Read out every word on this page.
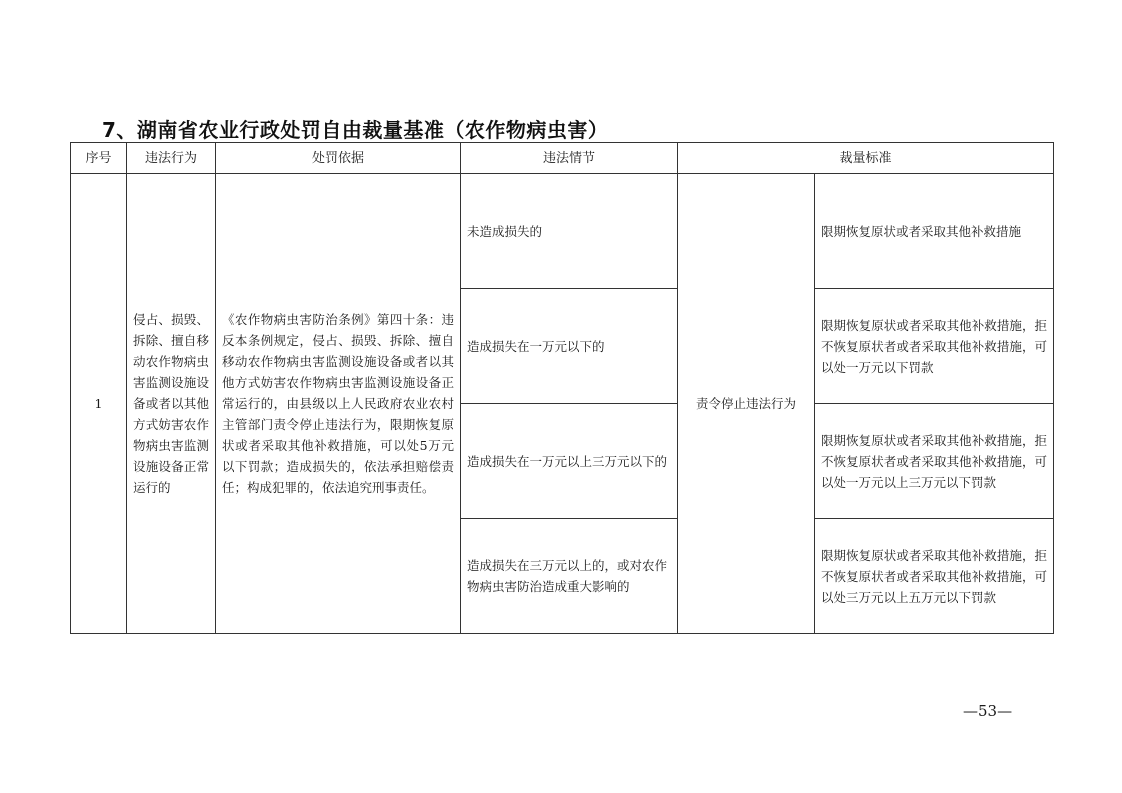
7、湖南省农业行政处罚自由裁量基准（农作物病虫害）
序号	违法行为	处罚依据	违法情节	裁量标准	
1	侵占、损毁、拆除、擅自移动农作物病虫害监测设施设备或者以其他方式妨害农作物病虫害监测设施设备正常运行的	《农作物病虫害防治条例》第四十条：违反本条例规定，侵占、损毁、拆除、擅自移动农作物病虫害监测设施设备或者以其他方式妨害农作物病虫害监测设施设备正常运行的，由县级以上人民政府农业农村主管部门责令停止违法行为，限期恢复原状或者采取其他补救措施，可以处5万元以下罚款；造成损失的，依法承担赔偿责任；构成犯罪的，依法追究刑事责任。	未造成损失的	责令停止违法行为	限期恢复原状或者采取其他补救措施
			造成损失在一万元以下的		限期恢复原状或者采取其他补救措施，拒不恢复原状者或者采取其他补救措施，可以处一万元以下罚款
			造成损失在一万元以上三万元以下的		限期恢复原状或者采取其他补救措施，拒不恢复原状者或者采取其他补救措施，可以处一万元以上三万元以下罚款
			造成损失在三万元以上的，或对农作物病虫害防治造成重大影响的		限期恢复原状或者采取其他补救措施，拒不恢复原状者或者采取其他补救措施，可以处三万元以上五万元以下罚款
—53—
